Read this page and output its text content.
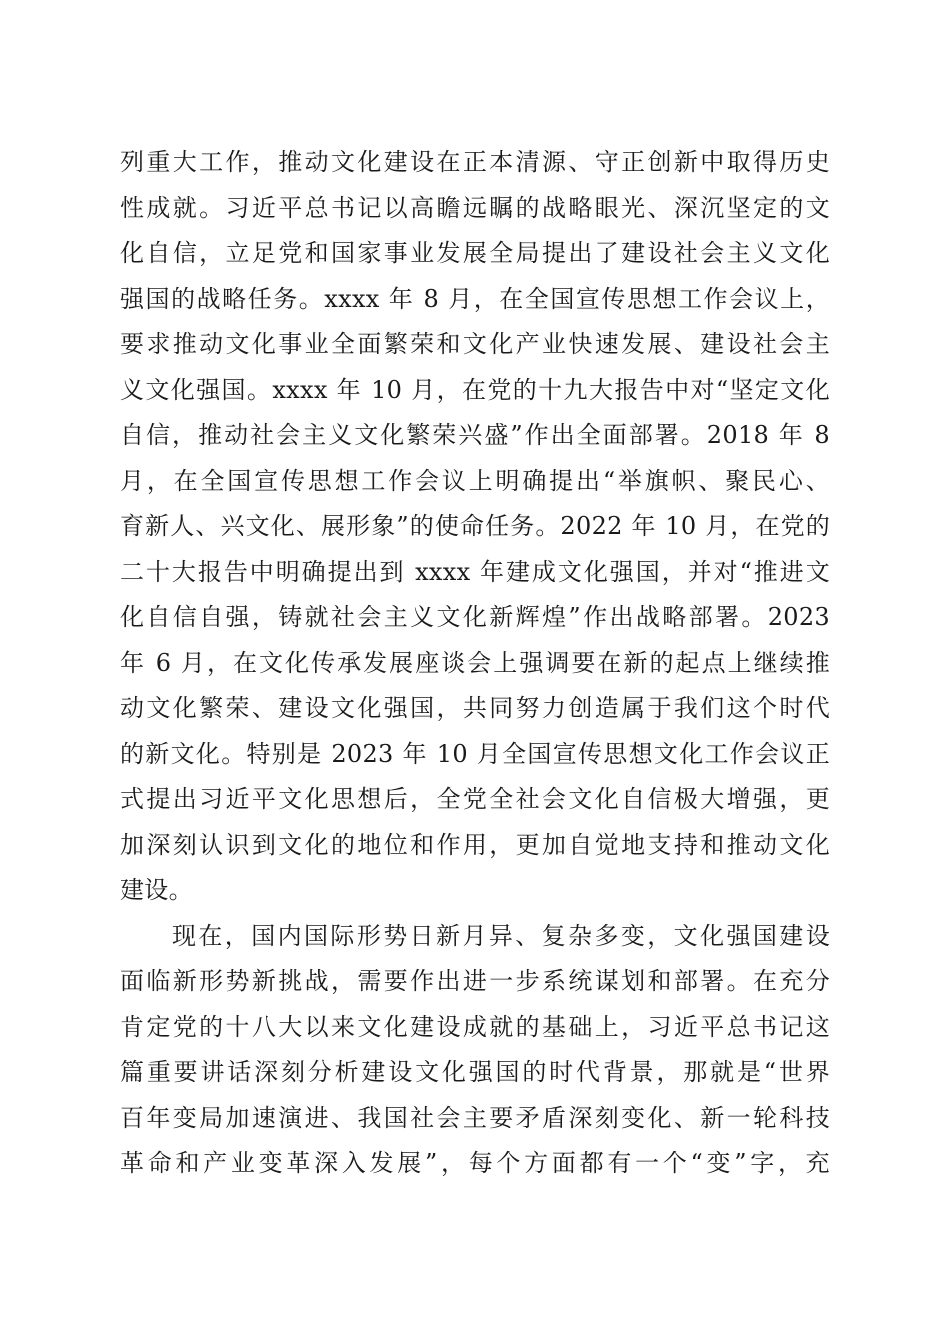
列重大工作，推动文化建设在正本清源、守正创新中取得历史
性成就。习近平总书记以高瞻远瞩的战略眼光、深沉坚定的文
化自信，立足党和国家事业发展全局提出了建设社会主义文化
强国的战略任务。xxxx 年 8 月，在全国宣传思想工作会议上，
要求推动文化事业全面繁荣和文化产业快速发展、建设社会主
义文化强国。xxxx 年 10 月，在党的十九大报告中对“坚定文化
自信，推动社会主义文化繁荣兴盛”作出全面部署。2018 年 8
月，在全国宣传思想工作会议上明确提出“举旗帜、聚民心、
育新人、兴文化、展形象”的使命任务。2022 年 10 月，在党的
二十大报告中明确提出到 xxxx 年建成文化强国，并对“推进文
化自信自强，铸就社会主义文化新辉煌”作出战略部署。2023
年 6 月，在文化传承发展座谈会上强调要在新的起点上继续推
动文化繁荣、建设文化强国，共同努力创造属于我们这个时代
的新文化。特别是 2023 年 10 月全国宣传思想文化工作会议正
式提出习近平文化思想后，全党全社会文化自信极大增强，更
加深刻认识到文化的地位和作用，更加自觉地支持和推动文化
建设。
现在，国内国际形势日新月异、复杂多变，文化强国建设
面临新形势新挑战，需要作出进一步系统谋划和部署。在充分
肯定党的十八大以来文化建设成就的基础上，习近平总书记这
篇重要讲话深刻分析建设文化强国的时代背景，那就是“世界
百年变局加速演进、我国社会主要矛盾深刻变化、新一轮科技
革命和产业变革深入发展”，每个方面都有一个“变”字，充
